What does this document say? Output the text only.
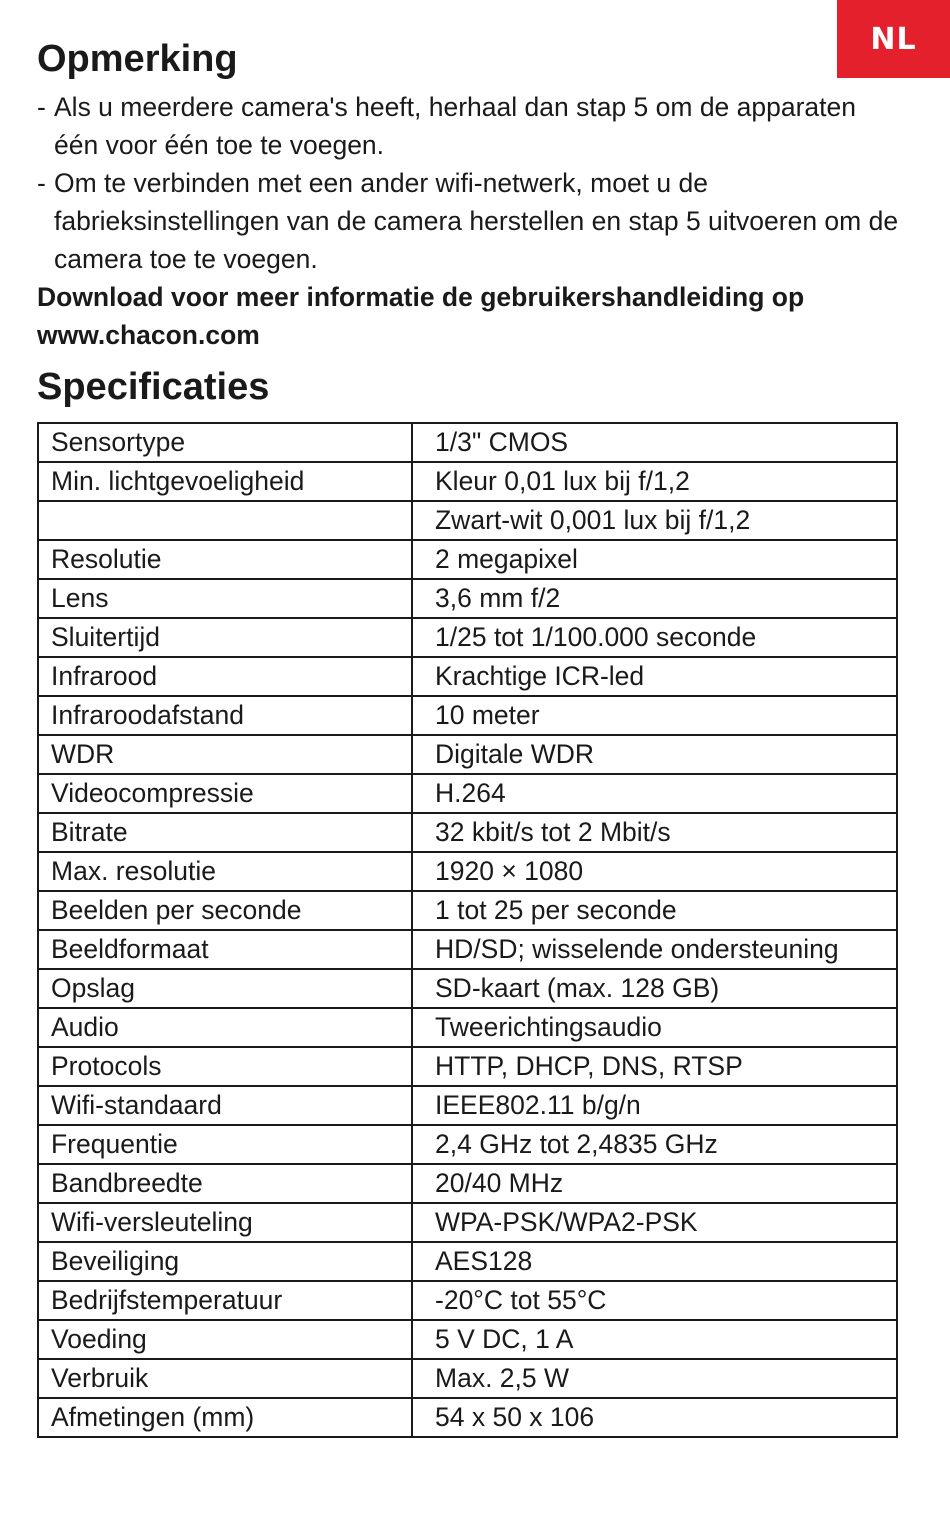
NL
Opmerking
- Als u meerdere camera's heeft, herhaal dan stap 5 om de apparaten één voor één toe te voegen.
- Om te verbinden met een ander wifi-netwerk, moet u de fabrieksinstellingen van de camera herstellen en stap 5 uitvoeren om de camera toe te voegen.

Download voor meer informatie de gebruikershandleiding op www.chacon.com

Specificaties
Sensortype	1/3" CMOS
Min. lichtgevoeligheid	Kleur 0,01 lux bij f/1,2
	Zwart-wit 0,001 lux bij f/1,2
Resolutie	2 megapixel
Lens	3,6 mm f/2
Sluitertijd	1/25 tot 1/100.000 seconde
Infrarood	Krachtige ICR-led
Infraroodafstand	10 meter
WDR	Digitale WDR
Videocompressie	H.264
Bitrate	32 kbit/s tot 2 Mbit/s
Max. resolutie	1920 × 1080
Beelden per seconde	1 tot 25 per seconde
Beeldformaat	HD/SD; wisselende ondersteuning
Opslag	SD-kaart (max. 128 GB)
Audio	Tweerichtingsaudio
Protocols	HTTP, DHCP, DNS, RTSP
Wifi-standaard	IEEE802.11 b/g/n
Frequentie	2,4 GHz tot 2,4835 GHz
Bandbreedte	20/40 MHz
Wifi-versleuteling	WPA-PSK/WPA2-PSK
Beveiliging	AES128
Bedrijfstemperatuur	-20°C tot 55°C
Voeding	5 V DC, 1 A
Verbruik	Max. 2,5 W
Afmetingen (mm)	54 x 50 x 106
